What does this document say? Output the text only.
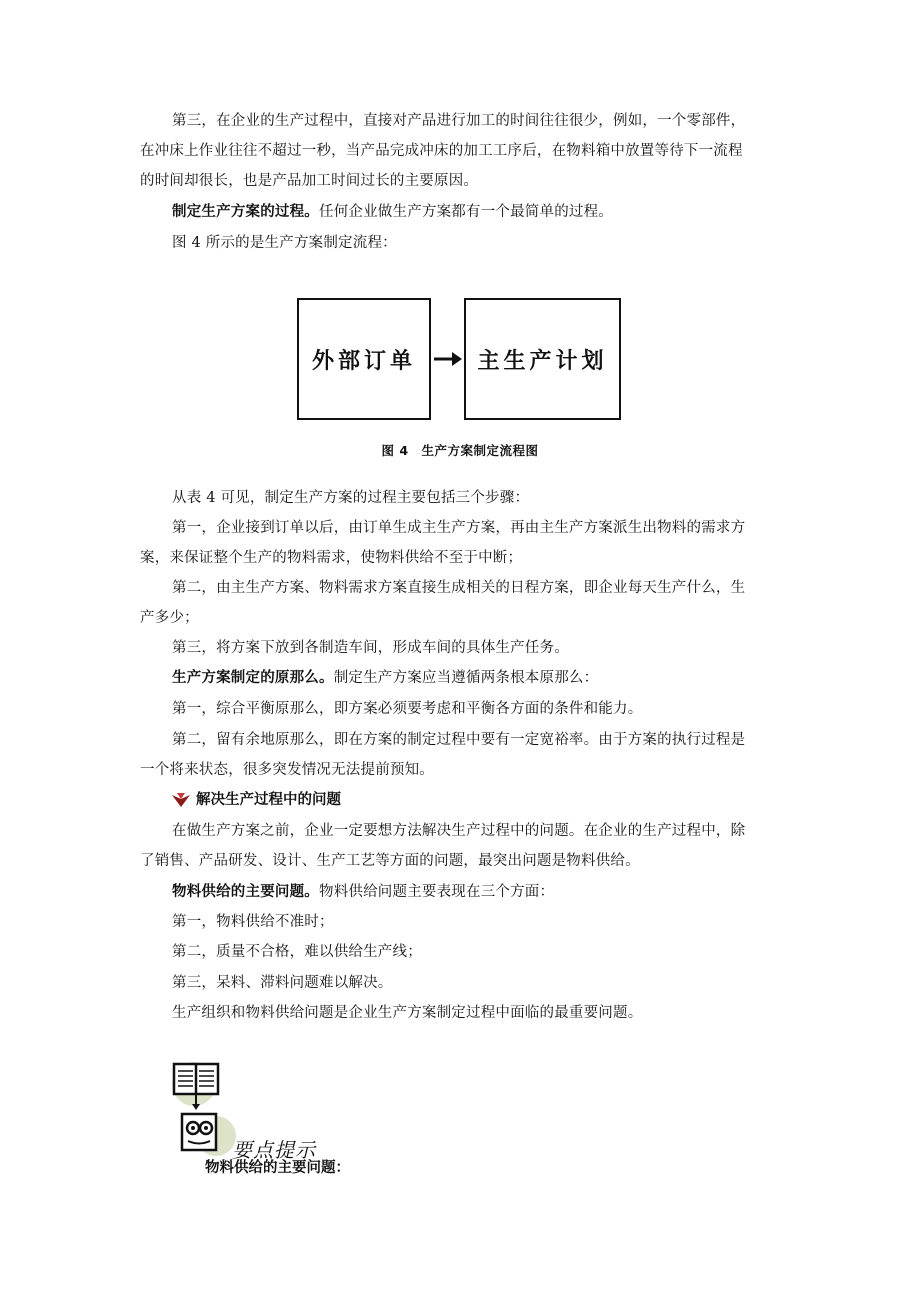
第三，在企业的生产过程中，直接对产品进行加工的时间往往很少，例如，一个零部件，
在冲床上作业往往不超过一秒，当产品完成冲床的加工工序后，在物料箱中放置等待下一流程
的时间却很长，也是产品加工时间过长的主要原因。
制定生产方案的过程。任何企业做生产方案都有一个最简单的过程。
图 4 所示的是生产方案制定流程：
外部订单	主生产计划
图 4　生产方案制定流程图
从表 4 可见，制定生产方案的过程主要包括三个步骤：
第一，企业接到订单以后，由订单生成主生产方案，再由主生产方案派生出物料的需求方
案，来保证整个生产的物料需求，使物料供给不至于中断；
第二，由主生产方案、物料需求方案直接生成相关的日程方案，即企业每天生产什么，生
产多少；
第三，将方案下放到各制造车间，形成车间的具体生产任务。
生产方案制定的原那么。制定生产方案应当遵循两条根本原那么：
第一，综合平衡原那么，即方案必须要考虑和平衡各方面的条件和能力。
第二，留有余地原那么，即在方案的制定过程中要有一定宽裕率。由于方案的执行过程是
一个将来状态，很多突发情况无法提前预知。
解决生产过程中的问题
在做生产方案之前，企业一定要想方法解决生产过程中的问题。在企业的生产过程中，除
了销售、产品研发、设计、生产工艺等方面的问题，最突出问题是物料供给。
物料供给的主要问题。物料供给问题主要表现在三个方面：
第一，物料供给不准时；
第二，质量不合格，难以供给生产线；
第三，呆料、滞料问题难以解决。
生产组织和物料供给问题是企业生产方案制定过程中面临的最重要问题。
要点提示
物料供给的主要问题：
